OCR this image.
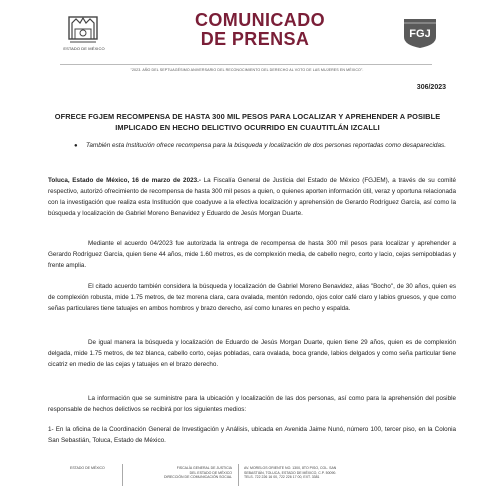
ESTADO DE MÉXICO
COMUNICADO
DE PRENSA	FGJ
"2023. AÑO DEL SEPTUAGÉSIMO ANIVERSARIO DEL RECONOCIMIENTO DEL DERECHO AL VOTO DE LAS MUJERES EN MÉXICO".
306/2023
OFRECE FGJEM RECOMPENSA DE HASTA 300 MIL PESOS PARA LOCALIZAR Y APREHENDER A POSIBLE IMPLICADO EN HECHO DELICTIVO OCURRIDO EN CUAUTITLÁN IZCALLI
●	También esta Institución ofrece recompensa para la búsqueda y localización de dos personas reportadas como desaparecidas.
Toluca, Estado de México, 16 de marzo de 2023.- La Fiscalía General de Justicia del Estado de México (FGJEM), a través de su comité respectivo, autorizó ofrecimiento de recompensa de hasta 300 mil pesos a quien, o quienes aporten información útil, veraz y oportuna relacionada con la investigación que realiza esta Institución que coadyuve a la efectiva localización y aprehensión de Gerardo Rodríguez García, así como la búsqueda y localización de Gabriel Moreno Benavidez y Eduardo de Jesús Morgan Duarte.
Mediante el acuerdo 04/2023 fue autorizada la entrega de recompensa de hasta 300 mil pesos para localizar y aprehender a Gerardo Rodríguez García, quien tiene 44 años, mide 1.60 metros, es de complexión media, de cabello negro, corto y lacio, cejas semipobladas y frente amplia.
El citado acuerdo también considera la búsqueda y localización de Gabriel Moreno Benavidez, alias "Bocho", de 30 años, quien es de complexión robusta, mide 1.75 metros, de tez morena clara, cara ovalada, mentón redondo, ojos color café claro y labios gruesos, y que como señas particulares tiene tatuajes en ambos hombros y brazo derecho, así como lunares en pecho y espalda.
De igual manera la búsqueda y localización de Eduardo de Jesús Morgan Duarte, quien tiene 29 años, quien es de complexión delgada, mide 1.75 metros, de tez blanca, cabello corto, cejas pobladas, cara ovalada, boca grande, labios delgados y como seña particular tiene cicatriz en medio de las cejas y tatuajes en el brazo derecho.
La información que se suministre para la ubicación y localización de las dos personas, así como para la aprehensión del posible responsable de hechos delictivos se recibirá por los siguientes medios:
1- En la oficina de la Coordinación General de Investigación y Análisis, ubicada en Avenida Jaime Nunó, número 100, tercer piso, en la Colonia San Sebastián, Toluca, Estado de México.
ESTADO DE MÉXICO	FISCALÍA GENERAL DE JUSTICIA
DEL ESTADO DE MÉXICO
DIRECCIÓN DE COMUNICACIÓN SOCIAL
AV. MORELOS ORIENTE NO. 1300, 8TO PISO, COL. SAN
SEBASTIÁN, TOLUCA, ESTADO DE MÉXICO, C.P. 50090.
TELS. 722 226 16 00, 722 226 17 00, EXT. 3381
